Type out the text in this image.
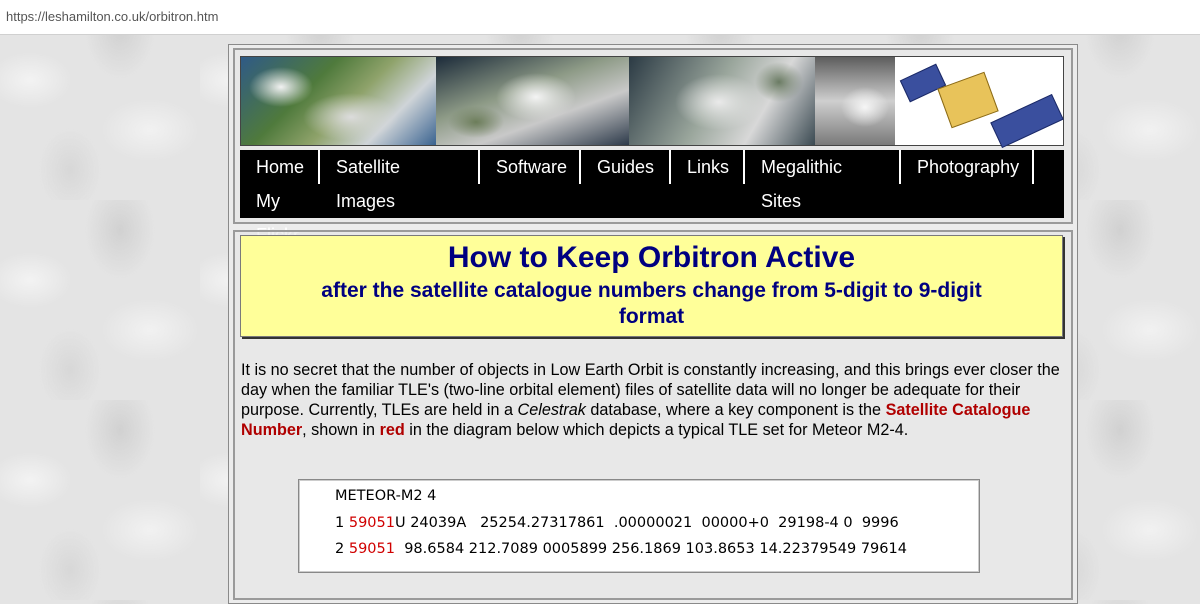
https://leshamilton.co.uk/orbitron.htm
Home	Satellite Images
Software	Guides	Links	Megalithic Sites
Photography
My
How to Keep Orbitron Active
after the satellite catalogue numbers change from 5-digit to 9-digit
format
It is no secret that the number of objects in Low Earth Orbit is constantly increasing, and this brings ever closer the day when the familiar TLE's (two-line orbital element) files of satellite data will no longer be adequate for their purpose. Currently, TLEs are held in a Celestrak database, where a key component is the Satellite Catalogue Number, shown in red in the diagram below which depicts a typical TLE set for Meteor M2-4.
METEOR-M2 4
1 59051U 24039A   25254.27317861  .00000021  00000+0  29198-4 0  9996
2 59051  98.6584 212.7089 0005899 256.1869 103.8653 14.22379549 79614
